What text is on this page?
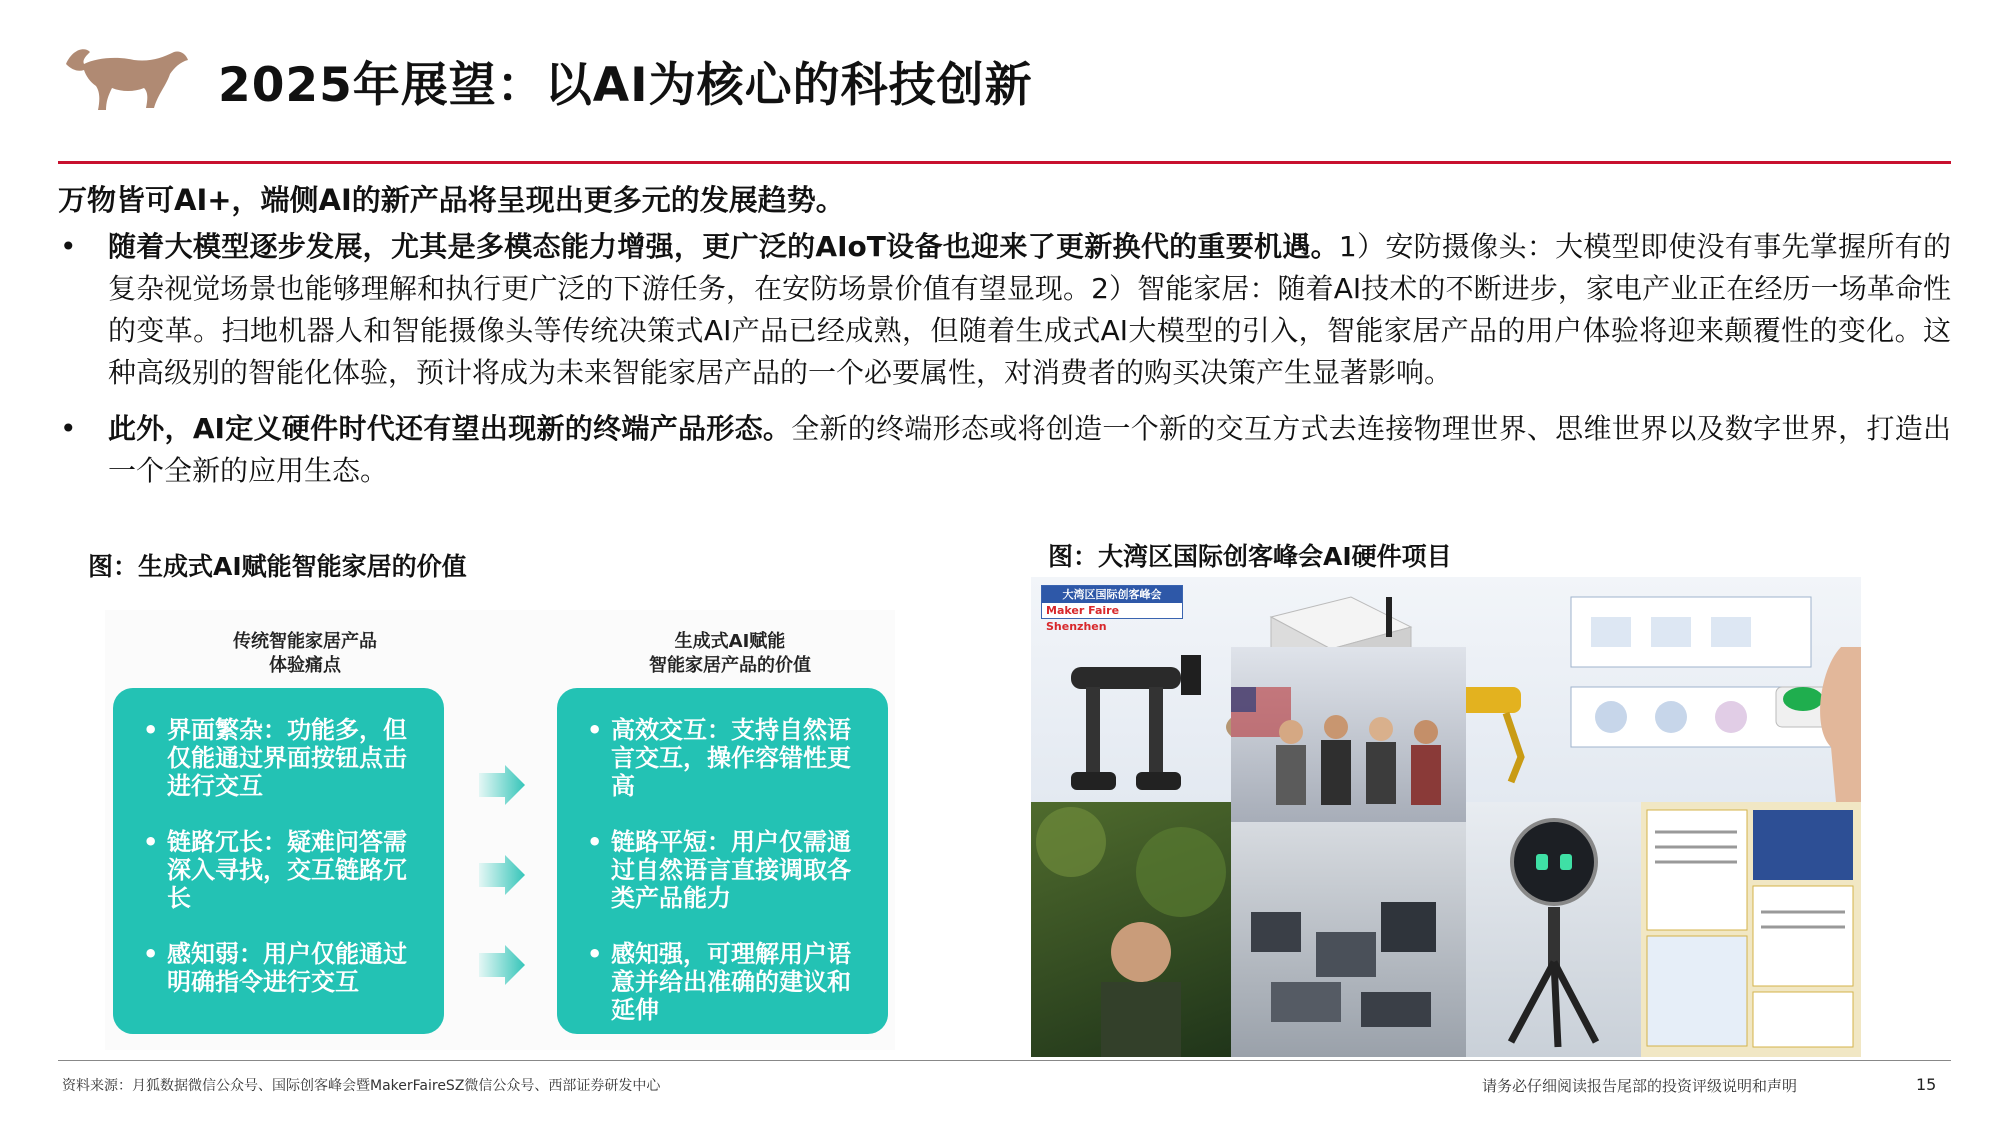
2025年展望：以AI为核心的科技创新
万物皆可AI+，端侧AI的新产品将呈现出更多元的发展趋势。
• 随着大模型逐步发展，尤其是多模态能力增强，更广泛的AIoT设备也迎来了更新换代的重要机遇。1）安防摄像头：大模型即使没有事先掌握所有的复杂视觉场景也能够理解和执行更广泛的下游任务，在安防场景价值有望显现。2）智能家居：随着AI技术的不断进步，家电产业正在经历一场革命性的变革。扫地机器人和智能摄像头等传统决策式AI产品已经成熟，但随着生成式AI大模型的引入，智能家居产品的用户体验将迎来颠覆性的变化。这种高级别的智能化体验，预计将成为未来智能家居产品的一个必要属性，对消费者的购买决策产生显著影响。
• 此外，AI定义硬件时代还有望出现新的终端产品形态。全新的终端形态或将创造一个新的交互方式去连接物理世界、思维世界以及数字世界，打造出一个全新的应用生态。
图：生成式AI赋能智能家居的价值	图：大湾区国际创客峰会AI硬件项目
传统智能家居产品
体验痛点
生成式AI赋能
智能家居产品的价值
• 界面繁杂：功能多，但仅能通过界面按钮点击进行交互
• 链路冗长：疑难问答需深入寻找，交互链路冗长
• 感知弱：用户仅能通过明确指令进行交互
• 高效交互：支持自然语言交互，操作容错性更高
• 链路平短：用户仅需通过自然语言直接调取各类产品能力
• 感知强，可理解用户语意并给出准确的建议和延伸
大湾区国际创客峰会
Maker Faire Shenzhen
资料来源：月狐数据微信公众号、国际创客峰会暨MakerFaireSZ微信公众号、西部证券研发中心	请务必仔细阅读报告尾部的投资评级说明和声明	15
